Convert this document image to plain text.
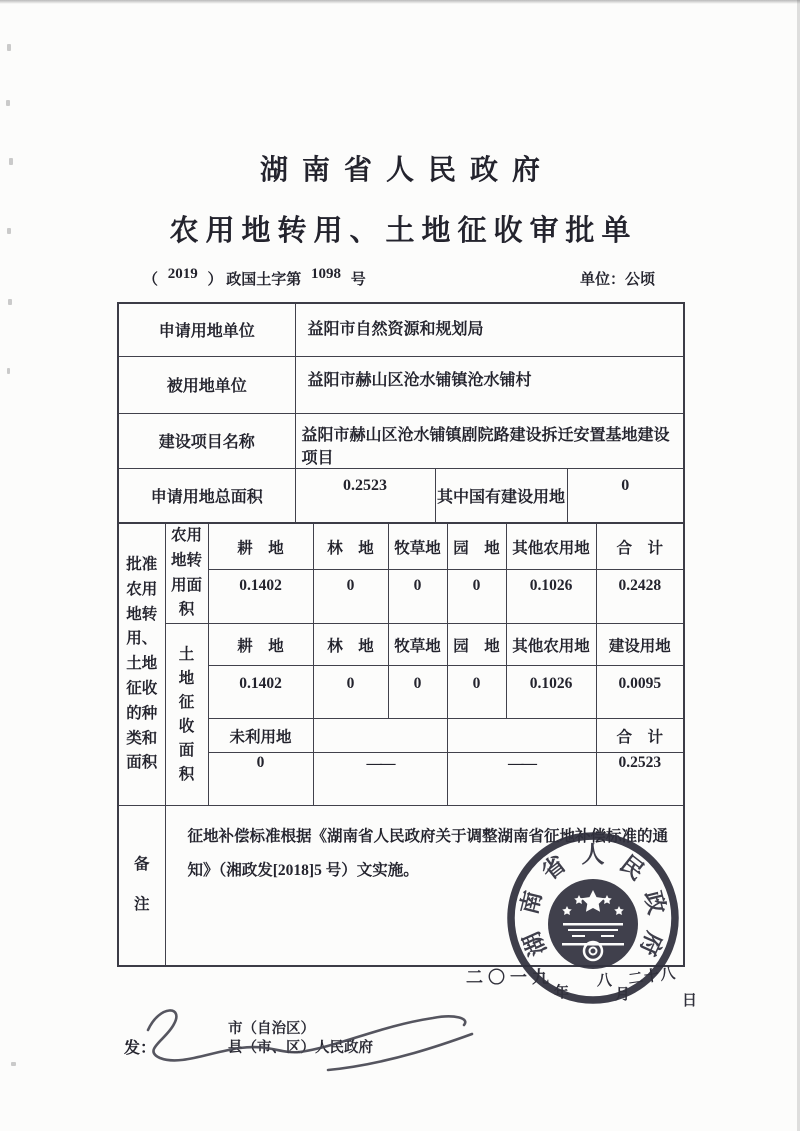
湖南省人民政府
农用地转用、土地征收审批单
（ 2019 ） 政国土字第 1098 号	单位：公顷
申请用地单位	益阳市自然资源和规划局		
被用地单位	益阳市赫山区沧水铺镇沧水铺村		
建设项目名称	益阳市赫山区沧水铺镇剧院路建设拆迁安置基地建设项目		
申请用地总面积	0.2523	其中国有建设用地	0
批准农用地转用、土地征收的种类和面积	农用地转用面积	耕　地	林　地	牧草地	园　地	其他农用地	合　计
		0.1402	0	0	0	0.1026	0.2428

	土地征收面积	耕　地	林　地	牧草地	园　地	其他农用地	建设用地
		0.1402	0	0	0	0.1026	0.0095
		未利用地					合　计
		0	——		——		0.2523

备注	征地补偿标准根据《湖南省人民政府关于调整湖南省征地补偿标准的通知》（湘政发[2018]5 号）文实施。						
湖
南
省 人 民
政
府
二〇一九
年
八
月
二十八
日
发：
市（自治区）
县（市、区）人民政府
